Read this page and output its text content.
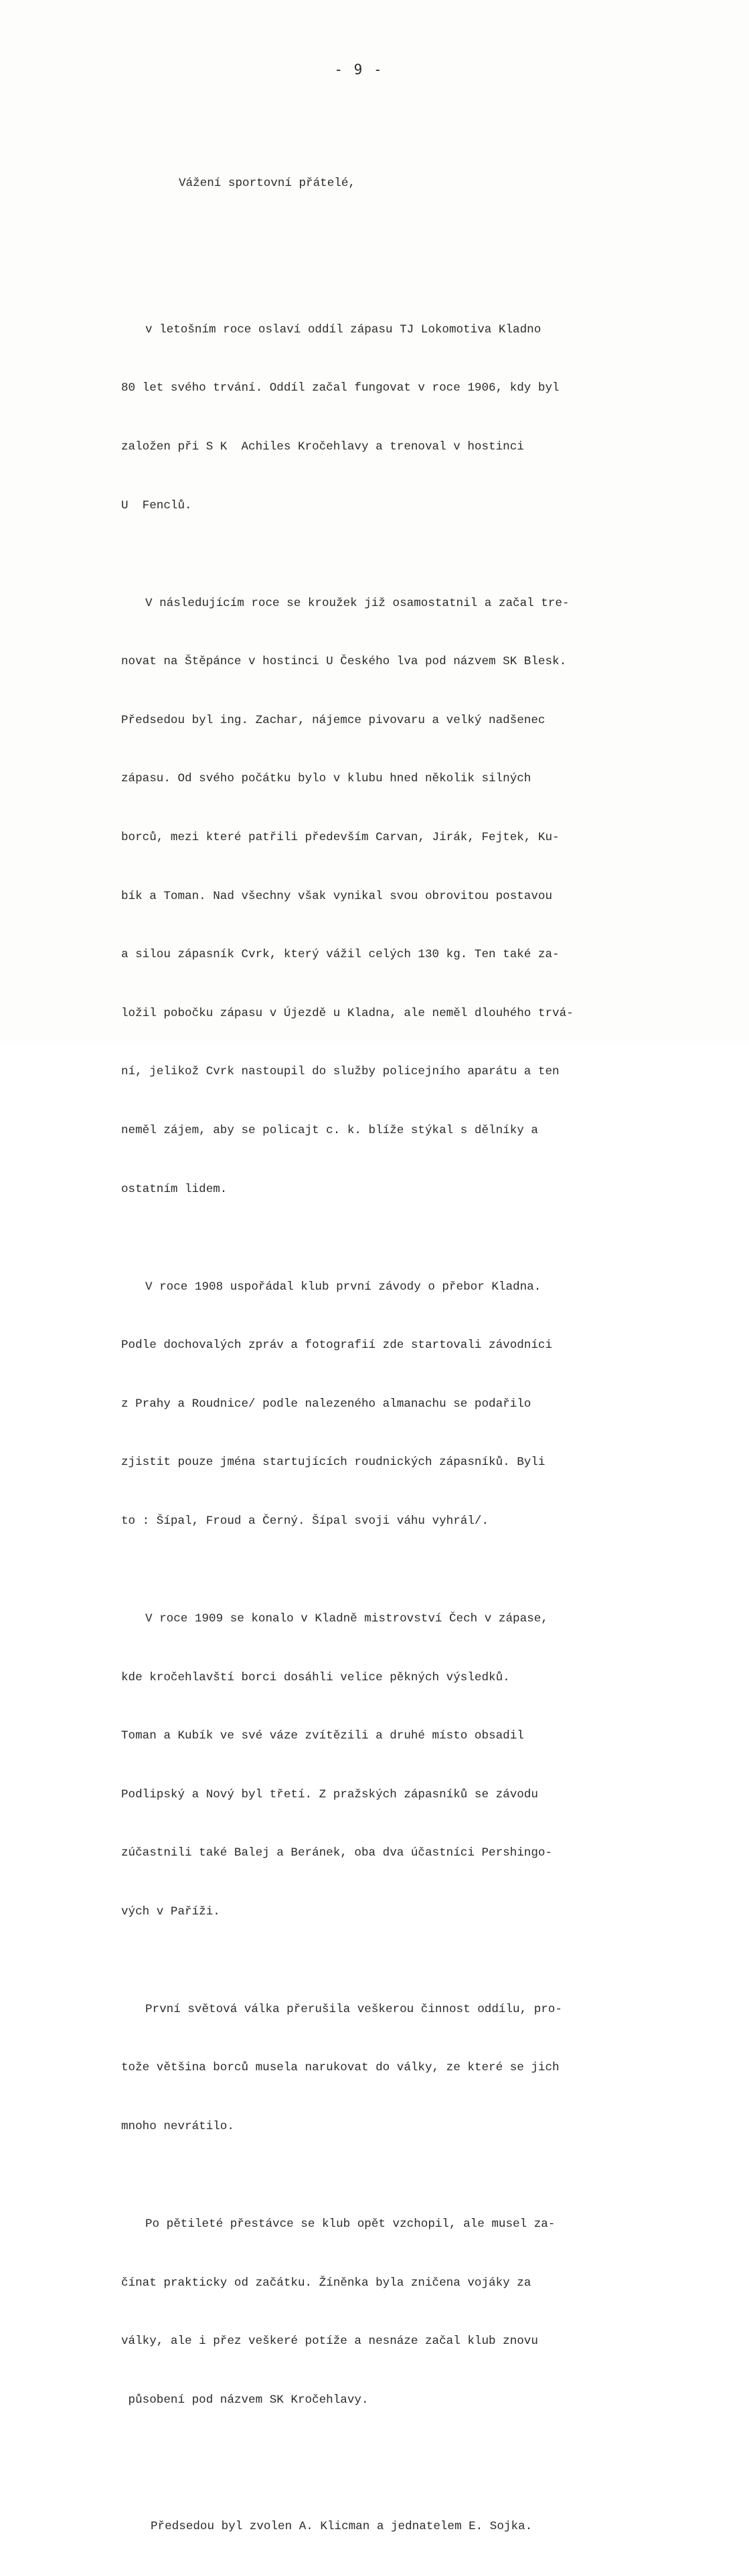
- 9 -

Vážení sportovní přátelé,

v letošním roce oslaví oddíl zápasu TJ Lokomotiva Kladno

80 let svého trvání. Oddíl začal fungovat v roce 1906, kdy byl

založen při S K  Achiles Kročehlavy a trenoval v hostinci

U  Fenclů.

V následujícím roce se kroužek již osamostatnil a začal tre-

novat na Štěpánce v hostinci U Českého lva pod názvem SK Blesk.

Předsedou byl ing. Zachar, nájemce pivovaru a velký nadšenec

zápasu. Od svého počátku bylo v klubu hned několik silných

borců, mezi které patřili především Carvan, Jirák, Fejtek, Ku-

bík a Toman. Nad všechny však vynikal svou obrovitou postavou

a silou zápasník Cvrk, který vážil celých 130 kg. Ten také za-

ložil pobočku zápasu v Újezdě u Kladna, ale neměl dlouhého trvá-

ní, jelikož Cvrk nastoupil do služby policejního aparátu a ten

neměl zájem, aby se policajt c. k. blíže stýkal s dělníky a

ostatním lidem.

V roce 1908 uspořádal klub první závody o přebor Kladna.

Podle dochovalých zpráv a fotografií zde startovali závodníci

z Prahy a Roudnice/ podle nalezeného almanachu se podařilo

zjistit pouze jména startujících roudnických zápasníků. Byli

to : Šípal, Froud a Černý. Šípal svoji váhu vyhrál/.

V roce 1909 se konalo v Kladně mistrovství Čech v zápase,

kde kročehlavští borci dosáhli velice pěkných výsledků.

Toman a Kubík ve své váze zvítězili a druhé místo obsadil

Podlipský a Nový byl třetí. Z pražských zápasníků se závodu

zúčastnili také Balej a Beránek, oba dva účastníci Pershingo-

vých v Paříži.

První světová válka přerušila veškerou činnost oddílu, pro-

tože většina borců musela narukovat do války, ze které se jich

mnoho nevrátilo.

Po pětileté přestávce se klub opět vzchopil, ale musel za-

čínat prakticky od začátku. Žíněnka byla zničena vojáky za

války, ale i přez veškeré potíže a nesnáze začal klub znovu

působení pod názvem SK Kročehlavy.

Předsedou byl zvolen A. Klicman a jednatelem E. Sojka.
